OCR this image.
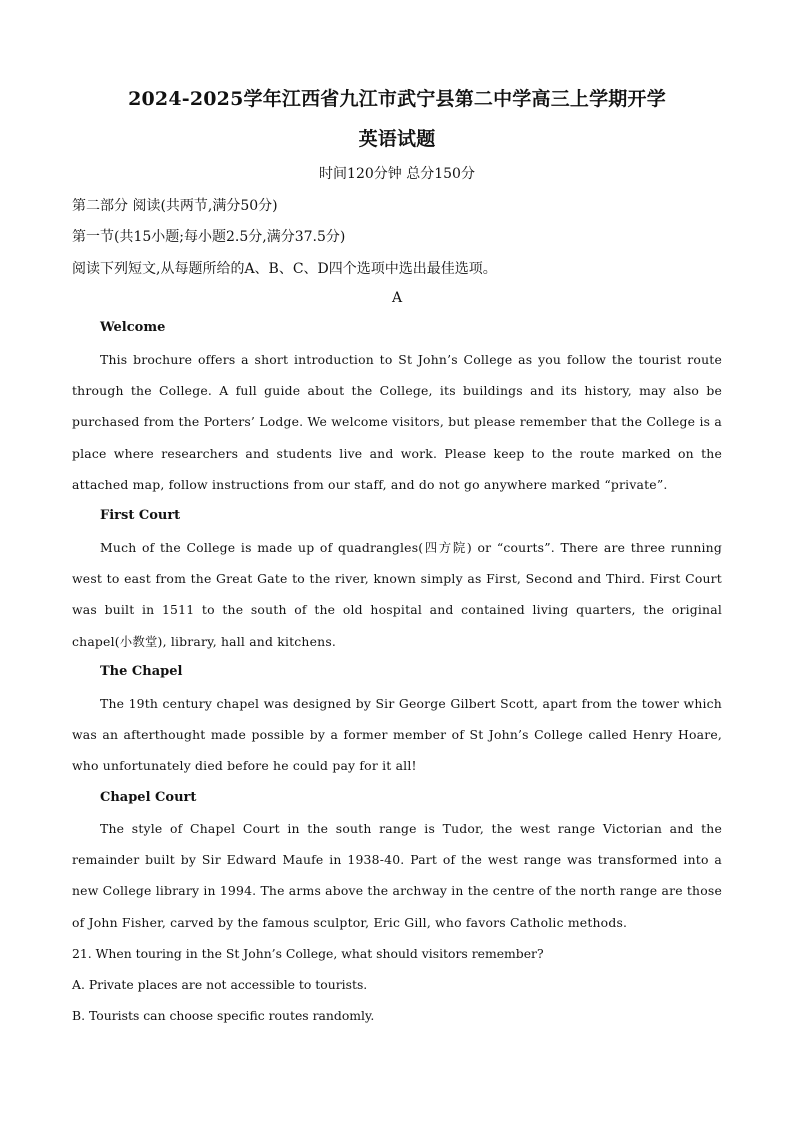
2024-2025学年江西省九江市武宁县第二中学高三上学期开学
英语试题
时间120分钟 总分150分
第二部分 阅读(共两节,满分50分)
第一节(共15小题;每小题2.5分,满分37.5分)
阅读下列短文,从每题所给的A、B、C、D四个选项中选出最佳选项。
A
Welcome
This brochure offers a short introduction to St John’s College as you follow the tourist route through the College. A full guide about the College, its buildings and its history, may also be purchased from the Porters’ Lodge. We welcome visitors, but please remember that the College is a place where researchers and students live and work. Please keep to the route marked on the attached map, follow instructions from our staff, and do not go anywhere marked “private”.
First Court
Much of the College is made up of quadrangles(四方院) or “courts”. There are three running west to east from the Great Gate to the river, known simply as First, Second and Third. First Court was built in 1511 to the south of the old hospital and contained living quarters, the original chapel(小教堂), library, hall and kitchens.
The Chapel
The 19th century chapel was designed by Sir George Gilbert Scott, apart from the tower which was an afterthought made possible by a former member of St John’s College called Henry Hoare, who unfortunately died before he could pay for it all!
Chapel Court
The style of Chapel Court in the south range is Tudor, the west range Victorian and the remainder built by Sir Edward Maufe in 1938-40. Part of the west range was transformed into a new College library in 1994. The arms above the archway in the centre of the north range are those of John Fisher, carved by the famous sculptor, Eric Gill, who favors Catholic methods.
21. When touring in the St John’s College, what should visitors remember?
A. Private places are not accessible to tourists.
B. Tourists can choose specific routes randomly.
